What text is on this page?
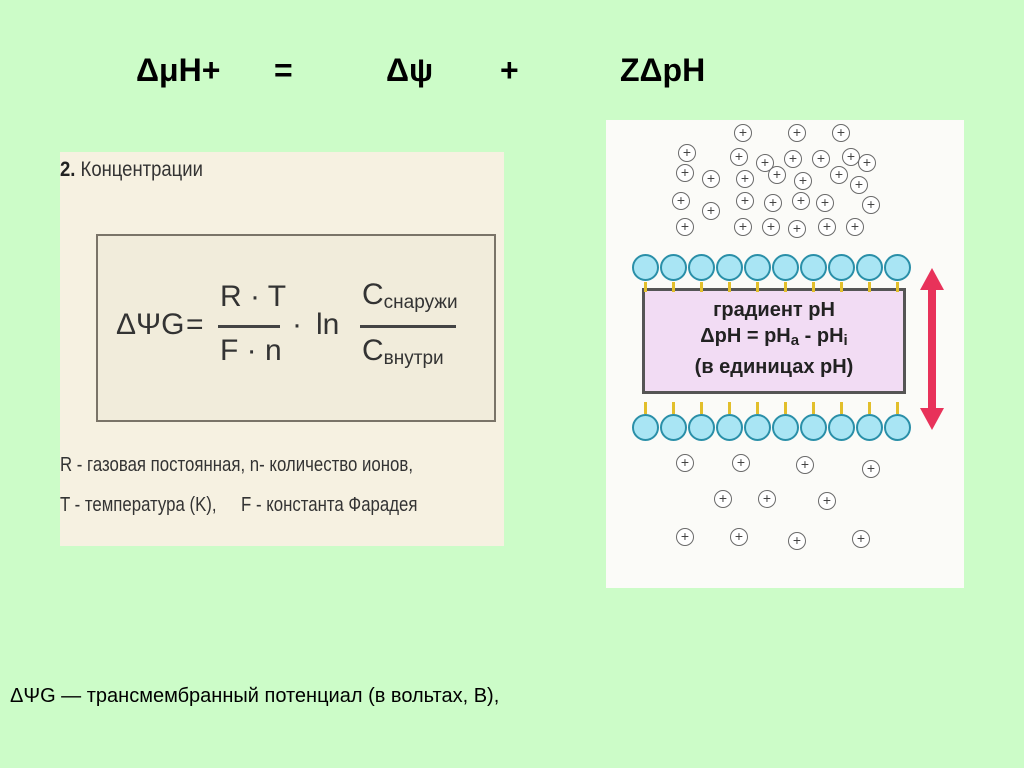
ΔμH+ =	Δψ +	ZΔpH
2. Концентрации
ΔΨG =
R · T
F · n
· ln
$C_{снаружи}$
$C_{внутри}$
R - газовая постоянная, n- количество ионов,
T - температура (K), F - константа Фарадея
градиент pH
$\Delta pH = pH_a - pH_i$
(в единицах pH)
+	+	+
+	+	+	+	+	+ +
+	+	+	+	+	+
+
+
+
+	+	+	+	+
+	+	+	+	+	+
+	+	+	+
+	+	+
+	+	+	+
ΔΨG — трансмембранный потенциал (в вольтах, В),
